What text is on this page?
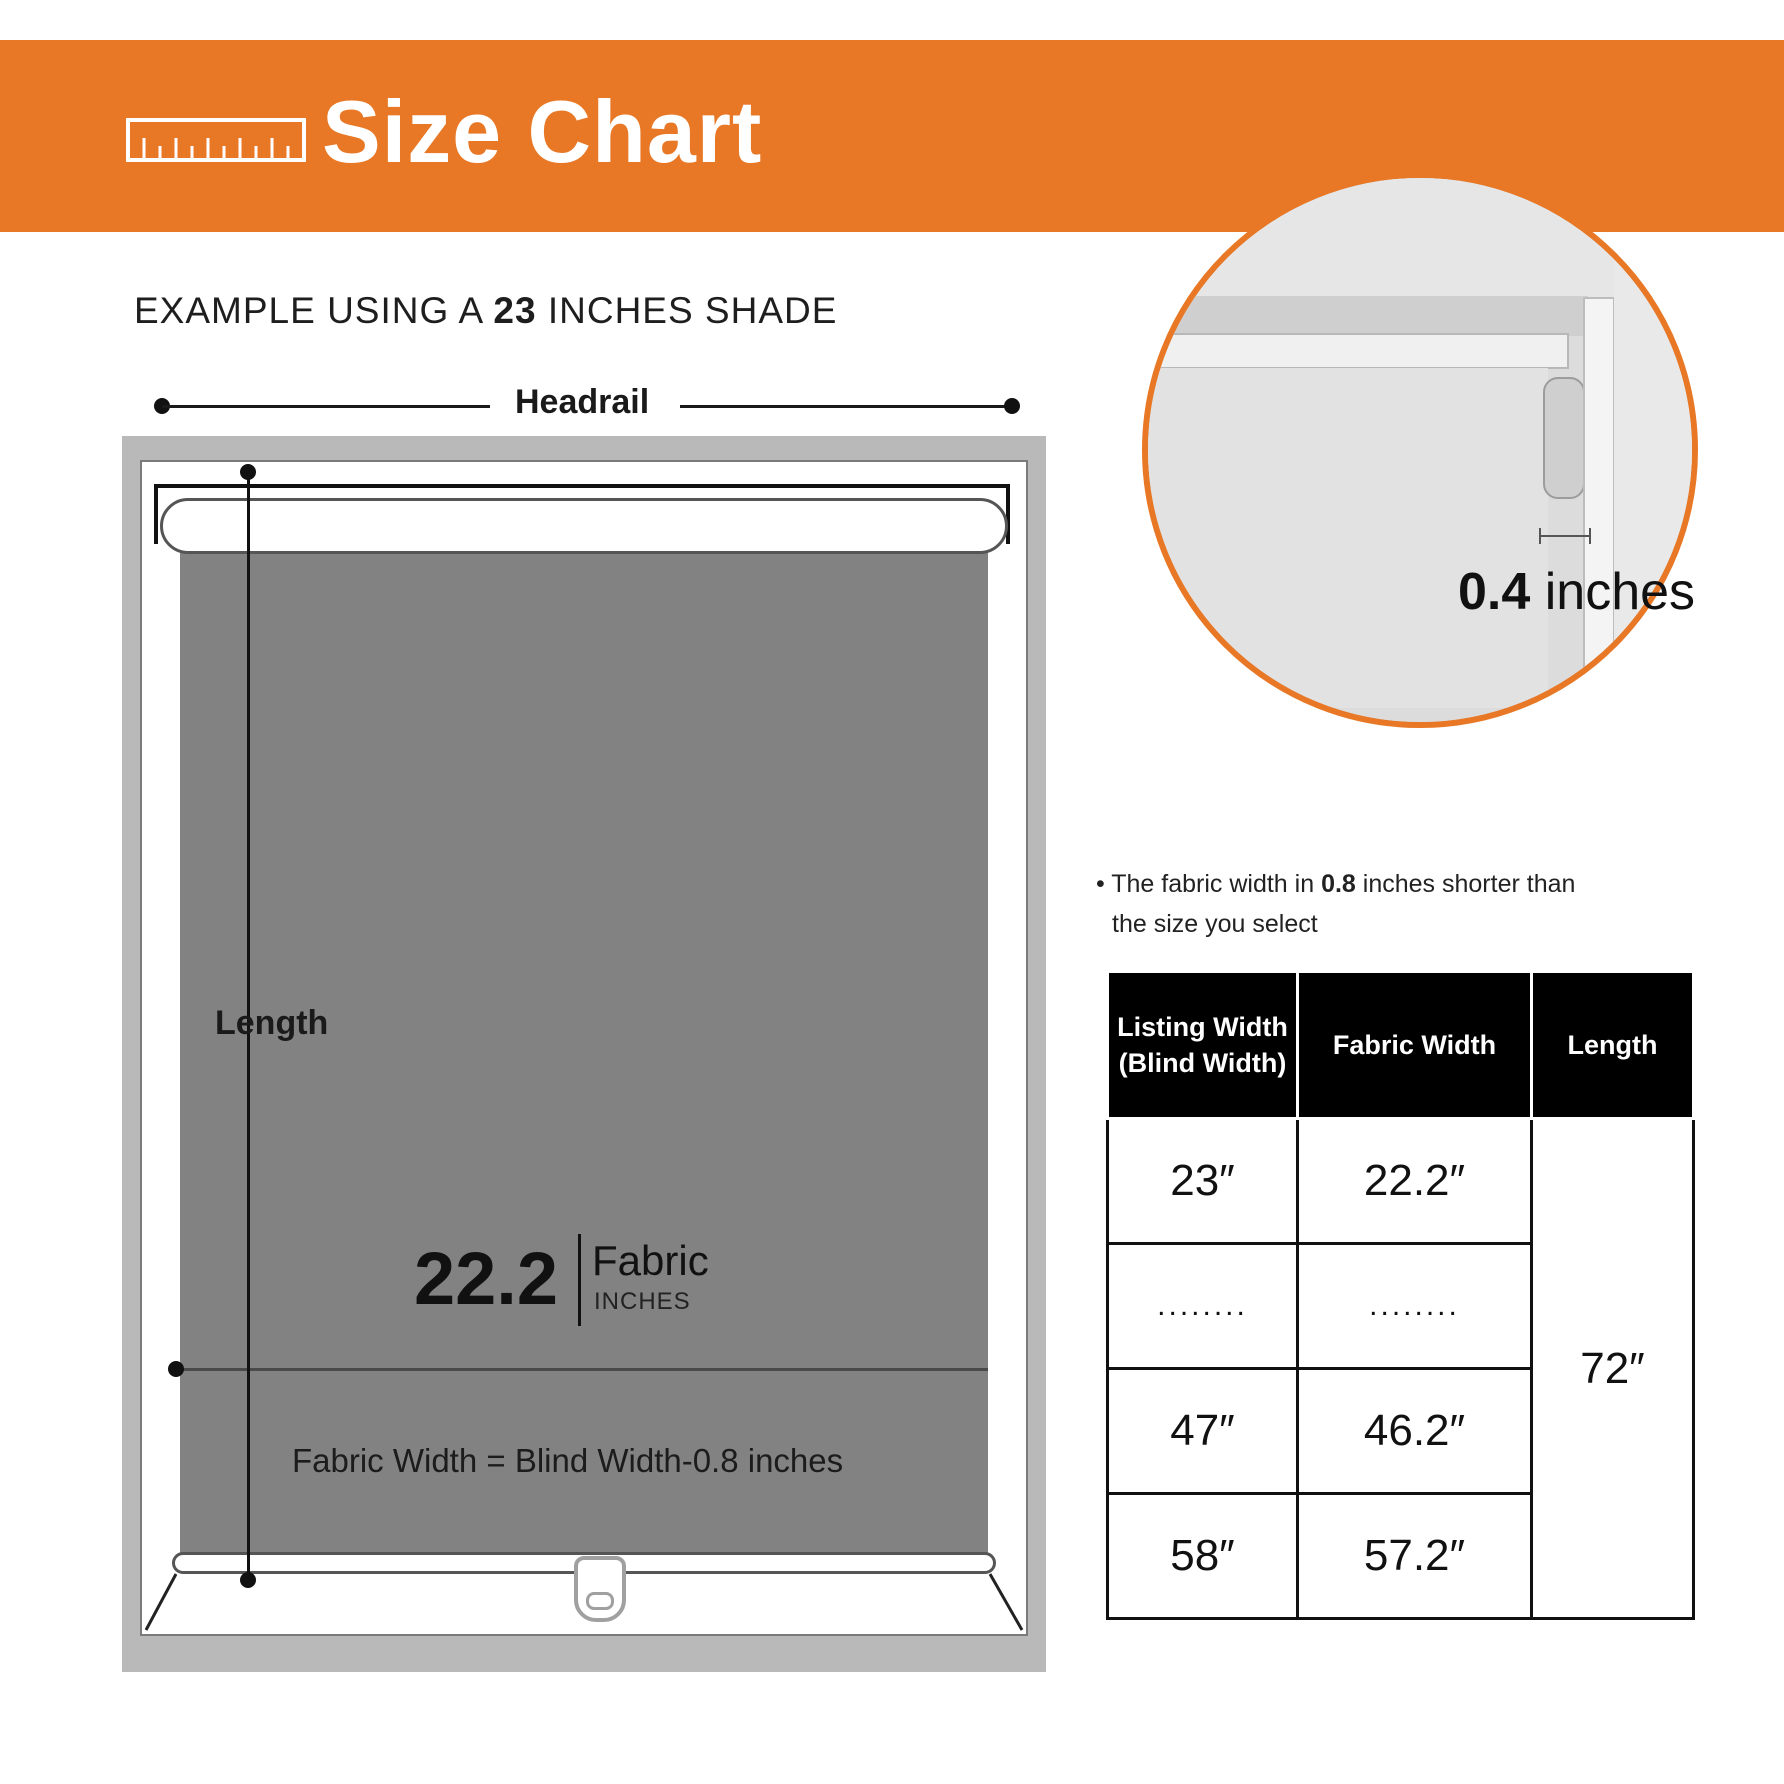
Size Chart
EXAMPLE USING A 23 INCHES SHADE
Headrail
Length
22.2 Fabric
INCHES
Fabric Width = Blind Width-0.8 inches
0.4 inches
• The fabric width in 0.8 inches shorter than
the size you select
Listing Width (Blind Width)	Fabric Width	Length
23″	22.2″	72″
........	........	
47″	46.2″	
58″	57.2″	
